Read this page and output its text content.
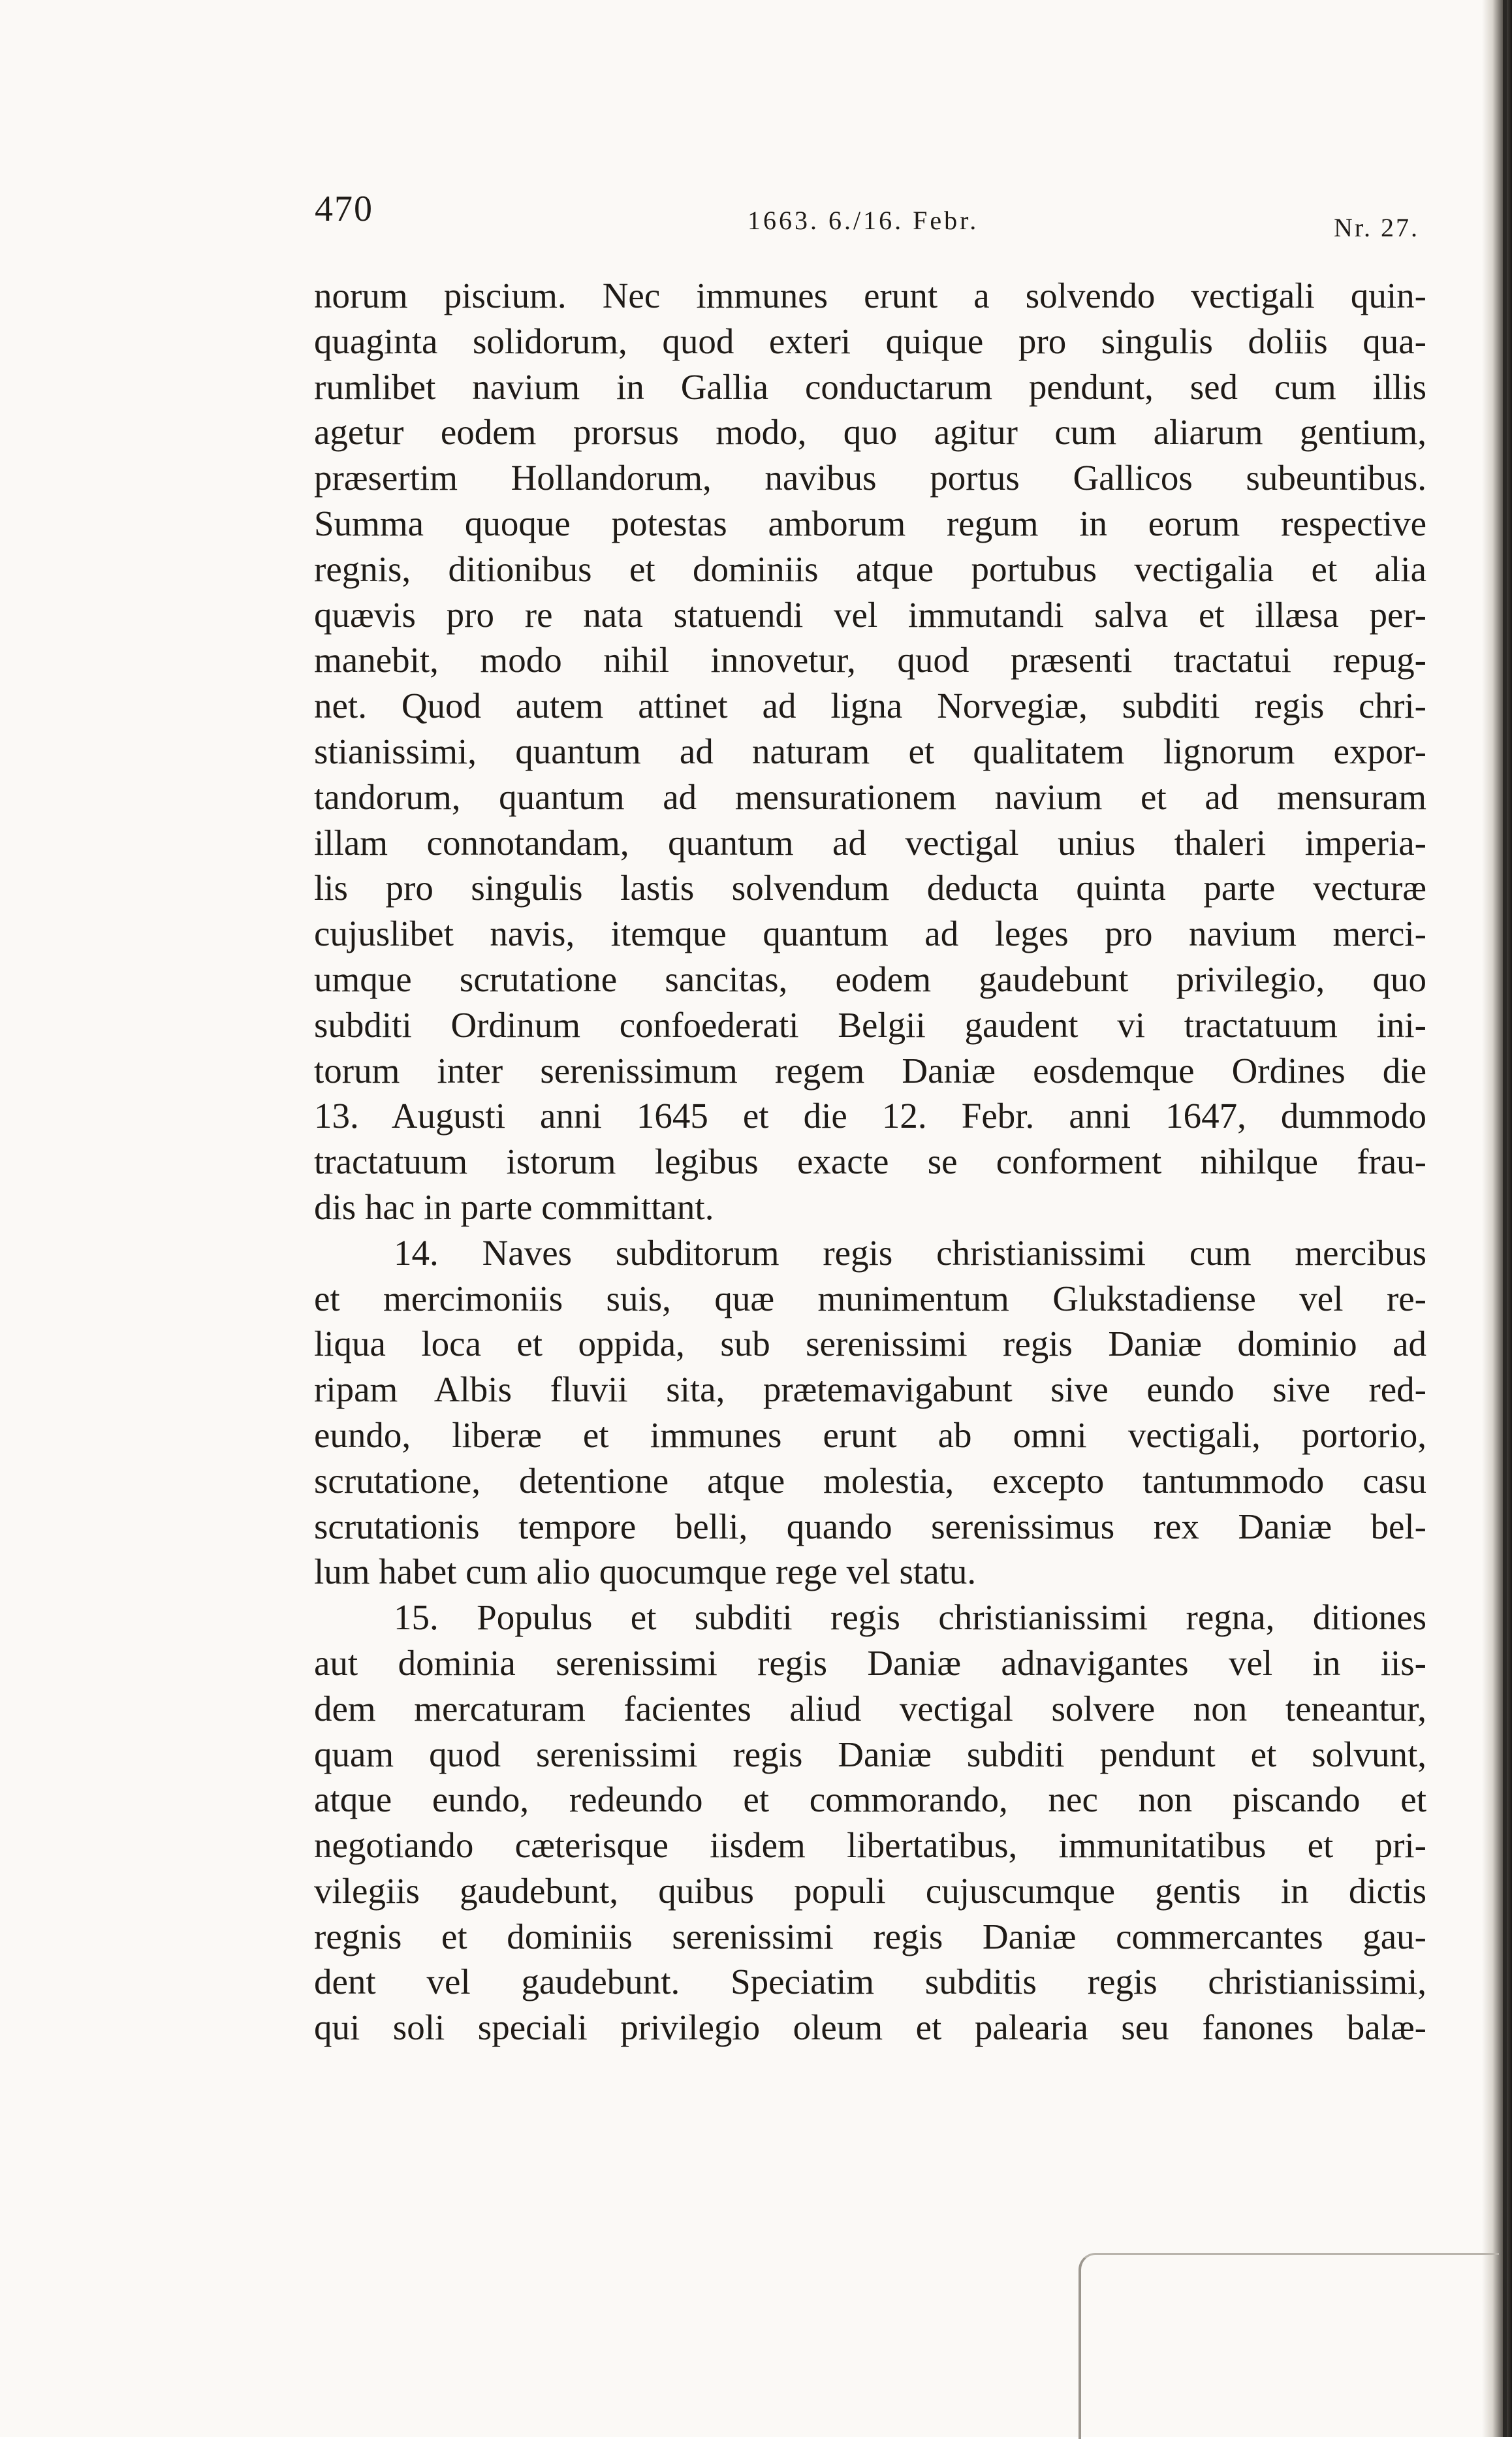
470	1663. 6./16. Febr.	Nr. 27.
norum piscium. Nec immunes erunt a solvendo vectigali quin-
quaginta solidorum, quod exteri quique pro singulis doliis qua-
rumlibet navium in Gallia conductarum pendunt, sed cum illis
agetur eodem prorsus modo, quo agitur cum aliarum gentium,
præsertim Hollandorum, navibus portus Gallicos subeuntibus.
Summa quoque potestas amborum regum in eorum respective
regnis, ditionibus et dominiis atque portubus vectigalia et alia
quævis pro re nata statuendi vel immutandi salva et illæsa per-
manebit, modo nihil innovetur, quod præsenti tractatui repug-
net. Quod autem attinet ad ligna Norvegiæ, subditi regis chri-
stianissimi, quantum ad naturam et qualitatem lignorum expor-
tandorum, quantum ad mensurationem navium et ad mensuram
illam connotandam, quantum ad vectigal unius thaleri imperia-
lis pro singulis lastis solvendum deducta quinta parte vecturæ
cujuslibet navis, itemque quantum ad leges pro navium merci-
umque scrutatione sancitas, eodem gaudebunt privilegio, quo
subditi Ordinum confoederati Belgii gaudent vi tractatuum ini-
torum inter serenissimum regem Daniæ eosdemque Ordines die
13. Augusti anni 1645 et die 12. Febr. anni 1647, dummodo
tractatuum istorum legibus exacte se conforment nihilque frau-
dis hac in parte committant.
14. Naves subditorum regis christianissimi cum mercibus
et mercimoniis suis, quæ munimentum Glukstadiense vel re-
liqua loca et oppida, sub serenissimi regis Daniæ dominio ad
ripam Albis fluvii sita, prætemavigabunt sive eundo sive red-
eundo, liberæ et immunes erunt ab omni vectigali, portorio,
scrutatione, detentione atque molestia, excepto tantummodo casu
scrutationis tempore belli, quando serenissimus rex Daniæ bel-
lum habet cum alio quocumque rege vel statu.
15. Populus et subditi regis christianissimi regna, ditiones
aut dominia serenissimi regis Daniæ adnavigantes vel in iis-
dem mercaturam facientes aliud vectigal solvere non teneantur,
quam quod serenissimi regis Daniæ subditi pendunt et solvunt,
atque eundo, redeundo et commorando, nec non piscando et
negotiando cæterisque iisdem libertatibus, immunitatibus et pri-
vilegiis gaudebunt, quibus populi cujuscumque gentis in dictis
regnis et dominiis serenissimi regis Daniæ commercantes gau-
dent vel gaudebunt. Speciatim subditis regis christianissimi,
qui soli speciali privilegio oleum et palearia seu fanones balæ-
